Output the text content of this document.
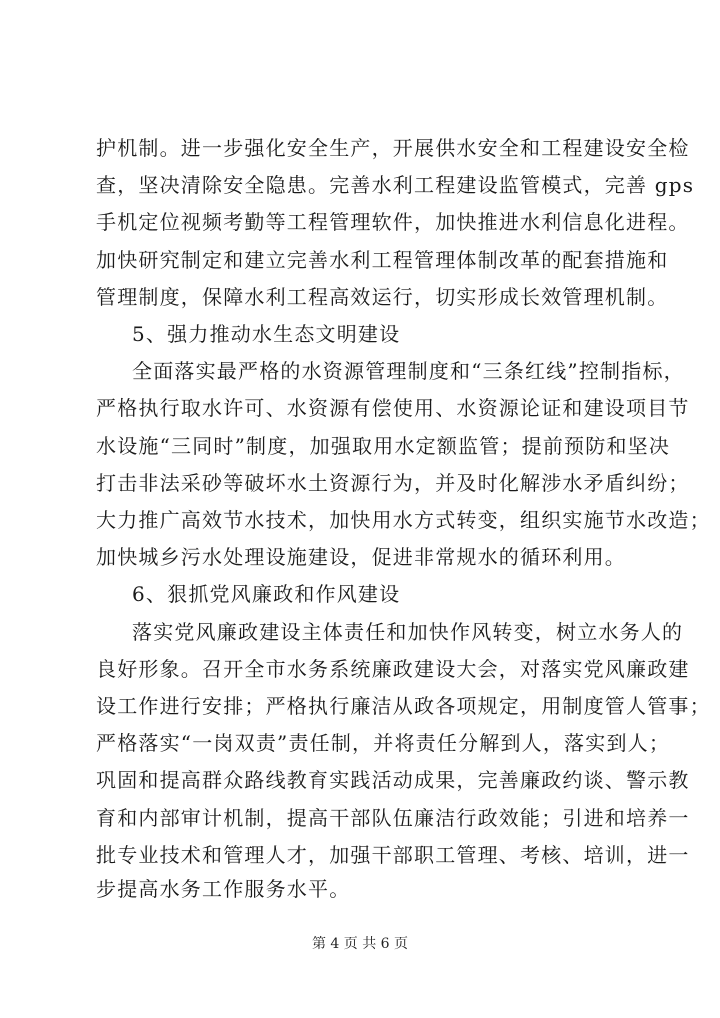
护机制。进一步强化安全生产，开展供水安全和工程建设安全检
查，坚决清除安全隐患。完善水利工程建设监管模式，完善 gps
手机定位视频考勤等工程管理软件，加快推进水利信息化进程。
加快研究制定和建立完善水利工程管理体制改革的配套措施和
管理制度，保障水利工程高效运行，切实形成长效管理机制。
5、强力推动水生态文明建设
全面落实最严格的水资源管理制度和“三条红线”控制指标，
严格执行取水许可、水资源有偿使用、水资源论证和建设项目节
水设施“三同时”制度，加强取用水定额监管；提前预防和坚决
打击非法采砂等破坏水土资源行为，并及时化解涉水矛盾纠纷；
大力推广高效节水技术，加快用水方式转变，组织实施节水改造；
加快城乡污水处理设施建设，促进非常规水的循环利用。
6、狠抓党风廉政和作风建设
落实党风廉政建设主体责任和加快作风转变，树立水务人的
良好形象。召开全市水务系统廉政建设大会，对落实党风廉政建
设工作进行安排；严格执行廉洁从政各项规定，用制度管人管事；
严格落实“一岗双责”责任制，并将责任分解到人，落实到人；
巩固和提高群众路线教育实践活动成果，完善廉政约谈、警示教
育和内部审计机制，提高干部队伍廉洁行政效能；引进和培养一
批专业技术和管理人才，加强干部职工管理、考核、培训，进一
步提高水务工作服务水平。
第 4 页 共 6 页
